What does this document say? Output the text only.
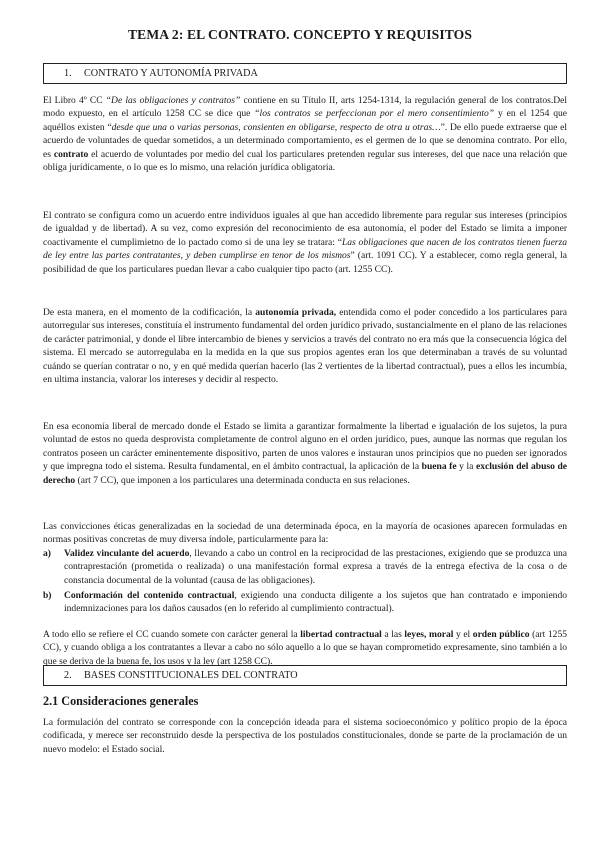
TEMA 2: EL CONTRATO. CONCEPTO Y REQUISITOS
1. CONTRATO Y AUTONOMÍA PRIVADA

El Libro 4º CC “De las obligaciones y contratos” contiene en su Título II, arts 1254-1314, la regulación general de los contratos.Del modo expuesto, en el artículo 1258 CC se dice que “los contratos se perfeccionan por el mero consentimiento” y en el 1254 que aquéllos existen “desde que una o varias personas, consienten en obligarse, respecto de otra u otras…”. De ello puede extraerse que el acuerdo de voluntades de quedar sometidos, a un determinado comportamiento, es el germen de lo que se denomina contrato. Por ello, es contrato el acuerdo de voluntades por medio del cual los particulares pretenden regular sus intereses, del que nace una relación que obliga jurídicamente, o lo que es lo mismo, una relación jurídica obligatoria.

El contrato se configura como un acuerdo entre individuos iguales al que han accedido libremente para regular sus intereses (principios de igualdad y de libertad). A su vez, como expresión del reconocimiento de esa autonomía, el poder del Estado se limita a imponer coactivamente el cumplimietno de lo pactado como si de una ley se tratara: “Las obligaciones que nacen de los contratos tienen fuerza de ley entre las partes contratantes, y deben cumplirse en tenor de los mismos” (art. 1091 CC). Y a establecer, como regla general, la posibilidad de que los particulares puedan llevar a cabo cualquier tipo pacto (art. 1255 CC).

De esta manera, en el momento de la codificación, la autonomía privada, entendida como el poder concedido a los particulares para autorregular sus intereses, constituía el instrumento fundamental del orden jurídico privado, sustancialmente en el plano de las relaciones de carácter patrimonial, y donde el libre intercambio de bienes y servicios a través del contrato no era más que la consecuencia lógica del sistema. El mercado se autorregulaba en la medida en la que sus propios agentes eran los que determinaban a través de su voluntad cuándo se querían contratar o no, y en qué medida querían hacerlo (las 2 vertientes de la libertad contractual), pues a ellos les incumbía, en ultima instancia, valorar los intereses y decidir al respecto.

En esa economía liberal de mercado donde el Estado se limita a garantizar formalmente la libertad e igualación de los sujetos, la pura voluntad de estos no queda desprovista completamente de control alguno en el orden jurídico, pues, aunque las normas que regulan los contratos poseen un carácter eminentemente dispositivo, parten de unos valores e instauran unos principios que no pueden ser ignorados y que impregna todo el sistema. Resulta fundamental, en el ámbito contractual, la aplicación de la buena fe y la exclusión del abuso de derecho (art 7 CC), que imponen a los particulares una determinada conducta en sus relaciones.

Las convicciones éticas generalizadas en la sociedad de una determinada época, en la mayoría de ocasiones aparecen formuladas en normas positivas concretas de muy diversa índole, particularmente para la:

a) Validez vinculante del acuerdo, llevando a cabo un control en la reciprocidad de las prestaciones, exigiendo que se produzca una contraprestación (prometida o realizada) o una manifestación formal expresa a través de la entrega efectiva de la cosa o de constancia documental de la voluntad (causa de las obligaciones).

b) Conformación del contenido contractual, exigiendo una conducta diligente a los sujetos que han contratado e imponiendo indemnizaciones para los daños causados (en lo referido al cumplimiento contractual).

A todo ello se refiere el CC cuando somete con carácter general la libertad contractual a las leyes, moral y el orden público (art 1255 CC), y cuando obliga a los contratantes a llevar a cabo no sólo aquello a lo que se hayan comprometido expresamente, sino también a lo que se deriva de la buena fe, los usos y la ley (art 1258 CC).

2. BASES CONSTITUCIONALES DEL CONTRATO
2.1 Consideraciones generales

La formulación del contrato se corresponde con la concepción ideada para el sistema socioeconómico y político propio de la época codificada, y merece ser reconstruido desde la perspectiva de los postulados constitucionales, donde se parte de la proclamación de un nuevo modelo: el Estado social.
